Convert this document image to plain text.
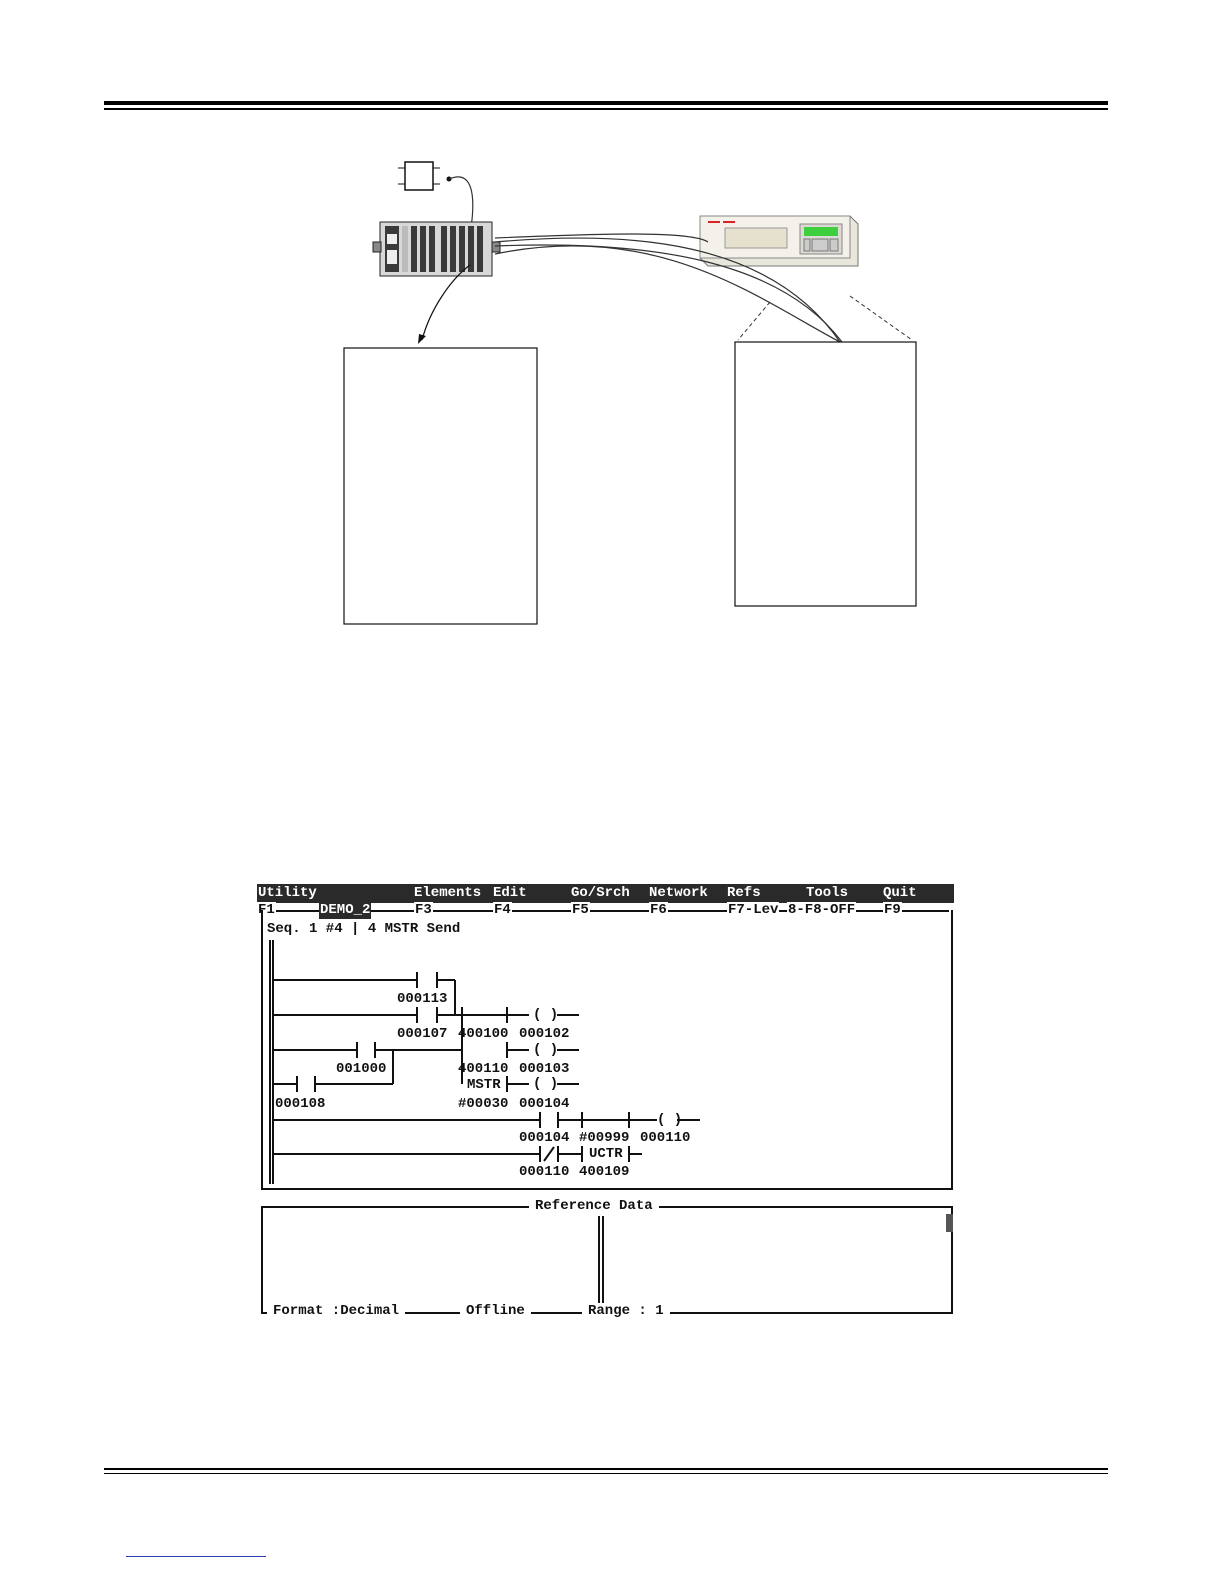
Utility	Elements Edit	Go/Srch Network Refs	Tools Quit
F1	DEMO_2	F3	F4	F5	F6	F7-Lev 8-F8-OFF F9
Seq. 1 #4 | 4 MSTR Send
000113
000107 400100
( )
000102
001000	400110
( )
000103
MSTR
#00030
( )
000104
000108
000104 #00999
( )
000110
UCTR
000110 400109
Reference Data
Format :Decimal	Offline	Range : 1
